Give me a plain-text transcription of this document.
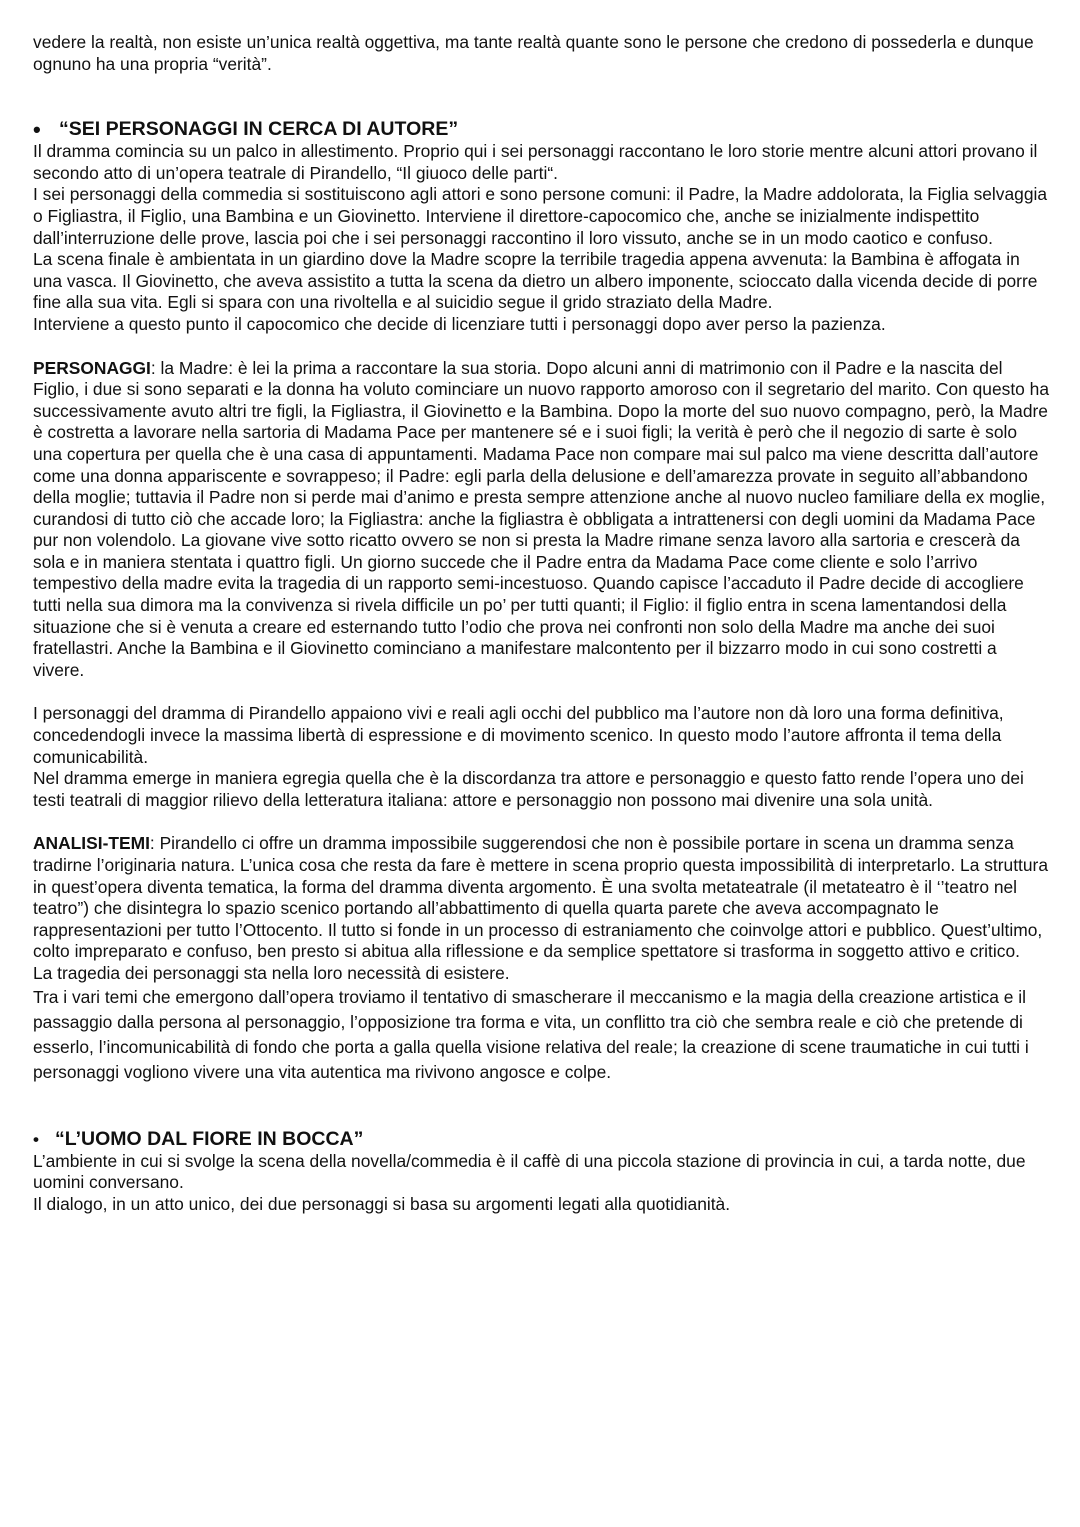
vedere la realtà, non esiste un’unica realtà oggettiva, ma tante realtà quante sono le persone che credono di possederla e dunque ognuno ha una propria “verità”.

• “SEI PERSONAGGI IN CERCA DI AUTORE”

Il dramma comincia su un palco in allestimento. Proprio qui i sei personaggi raccontano le loro storie mentre alcuni attori provano il secondo atto di un’opera teatrale di Pirandello, “Il giuoco delle parti“.

I sei personaggi della commedia si sostituiscono agli attori e sono persone comuni: il Padre, la Madre addolorata, la Figlia selvaggia o Figliastra, il Figlio, una Bambina e un Giovinetto. Interviene il direttore-capocomico che, anche se inizialmente indispettito dall’interruzione delle prove, lascia poi che i sei personaggi raccontino il loro vissuto, anche se in un modo caotico e confuso.

La scena finale è ambientata in un giardino dove la Madre scopre la terribile tragedia appena avvenuta: la Bambina è affogata in una vasca. Il Giovinetto, che aveva assistito a tutta la scena da dietro un albero imponente, scioccato dalla vicenda decide di porre fine alla sua vita. Egli si spara con una rivoltella e al suicidio segue il grido straziato della Madre.

Interviene a questo punto il capocomico che decide di licenziare tutti i personaggi dopo aver perso la pazienza.

PERSONAGGI: la Madre: è lei la prima a raccontare la sua storia. Dopo alcuni anni di matrimonio con il Padre e la nascita del Figlio, i due si sono separati e la donna ha voluto cominciare un nuovo rapporto amoroso con il segretario del marito. Con questo ha successivamente avuto altri tre figli, la Figliastra, il Giovinetto e la Bambina. Dopo la morte del suo nuovo compagno, però, la Madre è costretta a lavorare nella sartoria di Madama Pace per mantenere sé e i suoi figli; la verità è però che il negozio di sarte è solo una copertura per quella che è una casa di appuntamenti. Madama Pace non compare mai sul palco ma viene descritta dall’autore come una donna appariscente e sovrappeso; il Padre: egli parla della delusione e dell’amarezza provate in seguito all’abbandono della moglie; tuttavia il Padre non si perde mai d’animo e presta sempre attenzione anche al nuovo nucleo familiare della ex moglie, curandosi di tutto ciò che accade loro; la Figliastra: anche la figliastra è obbligata a intrattenersi con degli uomini da Madama Pace pur non volendolo. La giovane vive sotto ricatto ovvero se non si presta la Madre rimane senza lavoro alla sartoria e crescerà da sola e in maniera stentata i quattro figli. Un giorno succede che il Padre entra da Madama Pace come cliente e solo l’arrivo tempestivo della madre evita la tragedia di un rapporto semi-incestuoso. Quando capisce l’accaduto il Padre decide di accogliere tutti nella sua dimora ma la convivenza si rivela difficile un po’ per tutti quanti; il Figlio: il figlio entra in scena lamentandosi della situazione che si è venuta a creare ed esternando tutto l’odio che prova nei confronti non solo della Madre ma anche dei suoi fratellastri. Anche la Bambina e il Giovinetto cominciano a manifestare malcontento per il bizzarro modo in cui sono costretti a vivere.

I personaggi del dramma di Pirandello appaiono vivi e reali agli occhi del pubblico ma l’autore non dà loro una forma definitiva, concedendogli invece la massima libertà di espressione e di movimento scenico. In questo modo l’autore affronta il tema della comunicabilità.

Nel dramma emerge in maniera egregia quella che è la discordanza tra attore e personaggio e questo fatto rende l’opera uno dei testi teatrali di maggior rilievo della letteratura italiana: attore e personaggio non possono mai divenire una sola unità.

ANALISI-TEMI: Pirandello ci offre un dramma impossibile suggerendosi che non è possibile portare in scena un dramma senza tradirne l’originaria natura. L’unica cosa che resta da fare è mettere in scena proprio questa impossibilità di interpretarlo. La struttura in quest’opera diventa tematica, la forma del dramma diventa argomento. È una svolta metateatrale (il metateatro è il ‘’teatro nel teatro”) che disintegra lo spazio scenico portando all’abbattimento di quella quarta parete che aveva accompagnato le rappresentazioni per tutto l’Ottocento. Il tutto si fonde in un processo di estraniamento che coinvolge attori e pubblico. Quest’ultimo, colto impreparato e confuso, ben presto si abitua alla riflessione e da semplice spettatore si trasforma in soggetto attivo e critico.

La tragedia dei personaggi sta nella loro necessità di esistere.

Tra i vari temi che emergono dall’opera troviamo il tentativo di smascherare il meccanismo e la magia della creazione artistica e il passaggio dalla persona al personaggio, l’opposizione tra forma e vita, un conflitto tra ciò che sembra reale e ciò che pretende di esserlo, l’incomunicabilità di fondo che porta a galla quella visione relativa del reale; la creazione di scene traumatiche in cui tutti i personaggi vogliono vivere una vita autentica ma rivivono angosce e colpe.

• “L’UOMO DAL FIORE IN BOCCA”

L’ambiente in cui si svolge la scena della novella/commedia è il caffè di una piccola stazione di provincia in cui, a tarda notte, due uomini conversano.

Il dialogo, in un atto unico, dei due personaggi si basa su argomenti legati alla quotidianità.
